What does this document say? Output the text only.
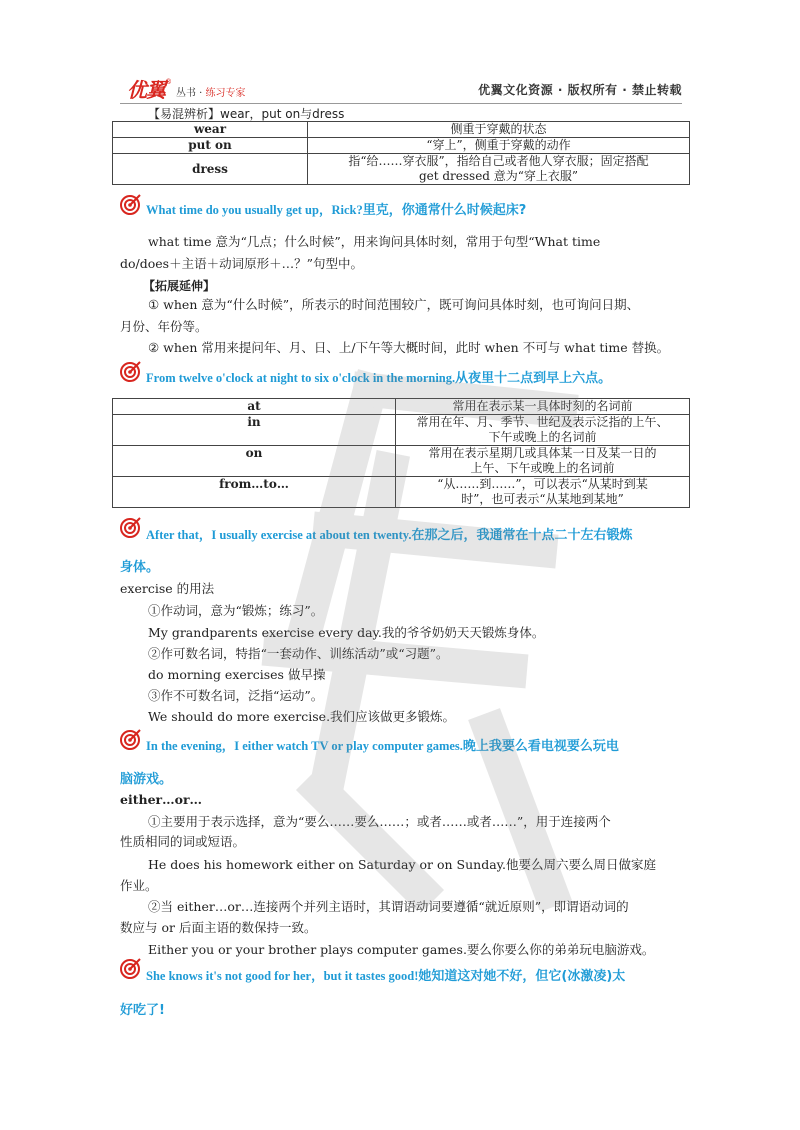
优翼 ®
丛书 · 练习专家	优翼文化资源 · 版权所有 · 禁止转载
【易混辨析】wear，put on与dress
wear	侧重于穿戴的状态
put on	“穿上”，侧重于穿戴的动作
dress	指“给……穿衣服”，指给自己或者他人穿衣服；固定搭配
get dressed 意为“穿上衣服”
What time do you usually get up，Rick?里克，你通常什么时候起床?
what time 意为“几点；什么时候”，用来询问具体时刻，常用于句型“What time
do/does＋主语＋动词原形＋…？”句型中。
【拓展延伸】
① when 意为“什么时候”，所表示的时间范围较广，既可询问具体时刻，也可询问日期、
月份、年份等。
② when 常用来提问年、月、日、上/下午等大概时间，此时 when 不可与 what time 替换。
From twelve o'clock at night to six o'clock in the morning.从夜里十二点到早上六点。
at	常用在表示某一具体时刻的名词前

in	常用在年、月、季节、世纪及表示泛指的上午、
下午或晚上的名词前

on	常用在表示星期几或具体某一日及某一日的
上午、下午或晚上的名词前

from…to…	“从……到……”，可以表示“从某时到某
时”，也可表示“从某地到某地”
After that，I usually exercise at about ten twenty.在那之后，我通常在十点二十左右锻炼
身体。
exercise 的用法
①作动词，意为“锻炼；练习”。
My grandparents exercise every day.我的爷爷奶奶天天锻炼身体。
②作可数名词，特指“一套动作、训练活动”或“习题”。
do morning exercises 做早操
③作不可数名词，泛指“运动”。
We should do more exercise.我们应该做更多锻炼。
In the evening，I either watch TV or play computer games.晚上我要么看电视要么玩电
脑游戏。
either…or…
①主要用于表示选择，意为“要么……要么……；或者……或者……”，用于连接两个
性质相同的词或短语。
He does his homework either on Saturday or on Sunday.他要么周六要么周日做家庭
作业。
②当 either…or…连接两个并列主语时，其谓语动词要遵循“就近原则”，即谓语动词的
数应与 or 后面主语的数保持一致。
Either you or your brother plays computer games.要么你要么你的弟弟玩电脑游戏。
She knows it's not good for her，but it tastes good!她知道这对她不好，但它(冰激凌)太
好吃了!
